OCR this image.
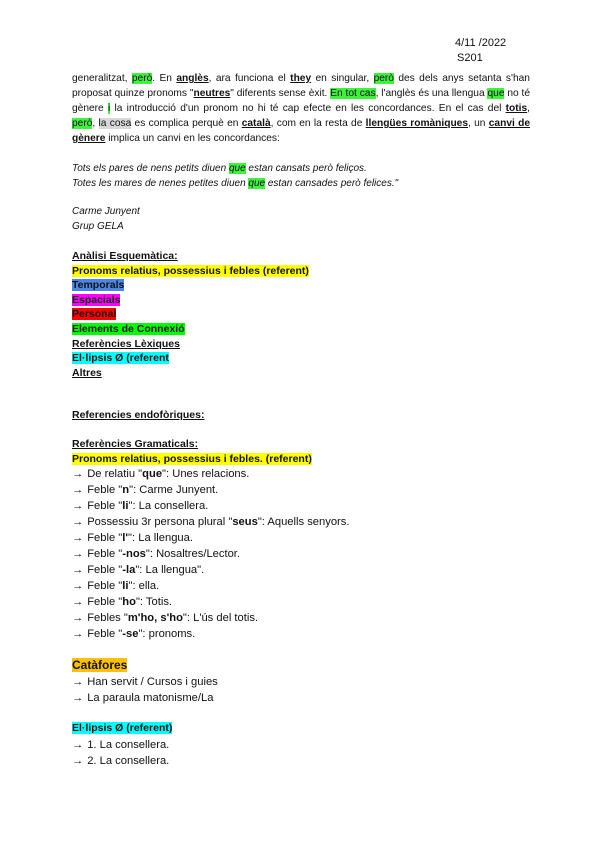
4/11 /2022
S201
generalitzat, però. En anglès, ara funciona el they en singular, però des dels anys setanta s'han proposat quinze pronoms "neutres" diferents sense èxit. En tot cas, l'anglès és una llengua que no té gènere i la introducció d'un pronom no hi té cap efecte en les concordances. En el cas del totis, però, la cosa es complica perquè en català, com en la resta de llengües romàniques, un canvi de gènere implica un canvi en les concordances:
Tots els pares de nens petits diuen que estan cansats però feliços.
Totes les mares de nenes petites diuen que estan cansades però felices."
Carme Junyent
Grup GELA
Anàlisi Esquemàtica:
Pronoms relatius, possessius i febles (referent)
Temporals
Espacials
Personal
Elements de Connexió
Referències Lèxiques
El·lipsis Ø (referent
Altres
Referencies endofòriques:
Referències Gramaticals:
Pronoms relatius, possessius i febles. (referent)
→ De relatiu "que": Unes relacions.
→ Feble "n": Carme Junyent.
→ Feble "li": La consellera.
→ Possessiu 3r persona plural "seus": Aquells senyors.
→ Feble "l'": La llengua.
→ Feble "-nos": Nosaltres/Lector.
→ Feble "-la": La llengua".
→ Feble "li": ella.
→ Feble "ho": Totis.
→ Febles "m'ho, s'ho": L'ús del totis.
→ Feble "-se": pronoms.
Catàfores
→ Han servit / Cursos i guies
→ La paraula matonisme/La
El·lipsis Ø (referent)
→ 1. La consellera.
→ 2. La consellera.
